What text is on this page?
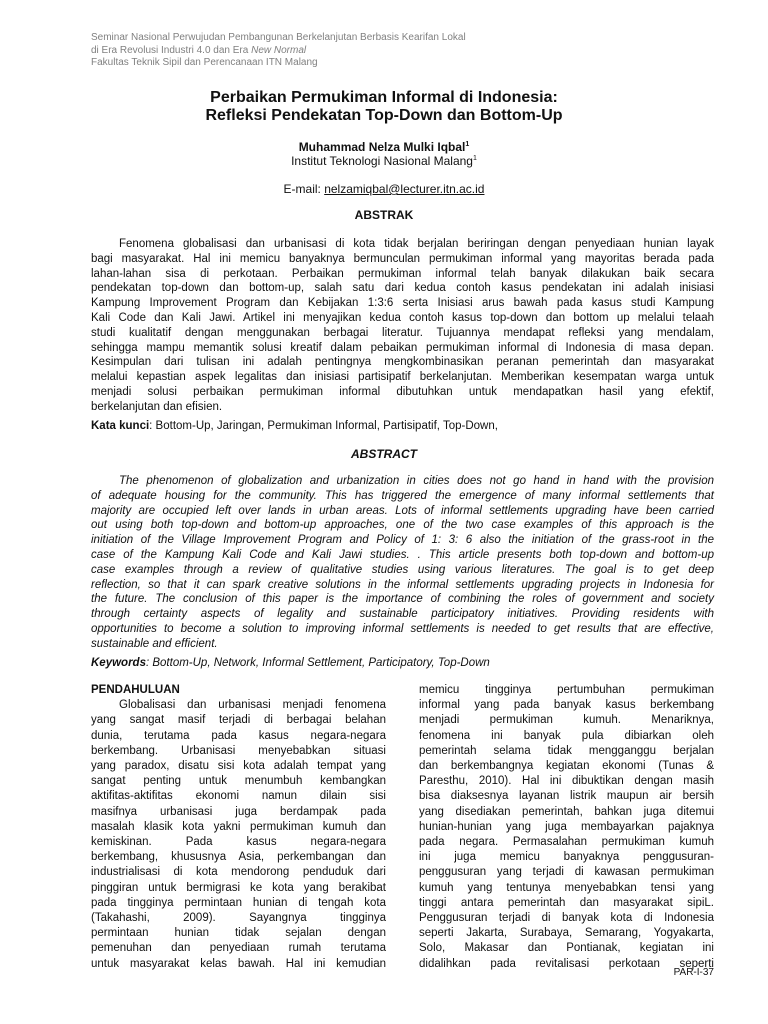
Seminar Nasional Perwujudan Pembangunan Berkelanjutan Berbasis Kearifan Lokal
di Era Revolusi Industri 4.0 dan Era New Normal
Fakultas Teknik Sipil dan Perencanaan ITN Malang
Perbaikan Permukiman Informal di Indonesia:
Refleksi Pendekatan Top-Down dan Bottom-Up
Muhammad Nelza Mulki Iqbal$^1$
Institut Teknologi Nasional Malang$^1$
E-mail: nelzamiqbal@lecturer.itn.ac.id
ABSTRAK
Fenomena globalisasi dan urbanisasi di kota tidak berjalan beriringan dengan penyediaan hunian layak
bagi masyarakat. Hal ini memicu banyaknya bermunculan permukiman informal yang mayoritas berada pada
lahan-lahan sisa di perkotaan. Perbaikan permukiman informal telah banyak dilakukan baik secara
pendekatan top-down dan bottom-up, salah satu dari kedua contoh kasus pendekatan ini adalah inisiasi
Kampung Improvement Program dan Kebijakan 1:3:6 serta Inisiasi arus bawah pada kasus studi Kampung
Kali Code dan Kali Jawi. Artikel ini menyajikan kedua contoh kasus top-down dan bottom up melalui telaah
studi kualitatif dengan menggunakan berbagai literatur. Tujuannya mendapat refleksi yang mendalam,
sehingga mampu memantik solusi kreatif dalam pebaikan permukiman informal di Indonesia di masa depan.
Kesimpulan dari tulisan ini adalah pentingnya mengkombinasikan peranan pemerintah dan masyarakat
melalui kepastian aspek legalitas dan inisiasi partisipatif berkelanjutan. Memberikan kesempatan warga untuk
menjadi solusi perbaikan permukiman informal dibutuhkan untuk mendapatkan hasil yang efektif,
berkelanjutan dan efisien.
Kata kunci: Bottom-Up, Jaringan, Permukiman Informal, Partisipatif, Top-Down,
ABSTRACT
The phenomenon of globalization and urbanization in cities does not go hand in hand with the provision
of adequate housing for the community. This has triggered the emergence of many informal settlements that
majority are occupied left over lands in urban areas. Lots of informal settlements upgrading have been carried
out using both top-down and bottom-up approaches, one of the two case examples of this approach is the
initiation of the Village Improvement Program and Policy of 1: 3: 6 also the initiation of the grass-root in the
case of the Kampung Kali Code and Kali Jawi studies. . This article presents both top-down and bottom-up
case examples through a review of qualitative studies using various literatures. The goal is to get deep
reflection, so that it can spark creative solutions in the informal settlements upgrading projects in Indonesia for
the future. The conclusion of this paper is the importance of combining the roles of government and society
through certainty aspects of legality and sustainable participatory initiatives. Providing residents with
opportunities to become a solution to improving informal settlements is needed to get results that are effective,
sustainable and efficient.
Keywords: Bottom-Up, Network, Informal Settlement, Participatory, Top-Down
PENDAHULUAN
Globalisasi dan urbanisasi menjadi fenomena
yang sangat masif terjadi di berbagai belahan
dunia, terutama pada kasus negara-negara
berkembang. Urbanisasi menyebabkan situasi
yang paradox, disatu sisi kota adalah tempat yang
sangat penting untuk menumbuh kembangkan
aktifitas-aktifitas ekonomi namun dilain sisi
masifnya urbanisasi juga berdampak pada
masalah klasik kota yakni permukiman kumuh dan
kemiskinan. Pada kasus negara-negara
berkembang, khususnya Asia, perkembangan dan
industrialisasi di kota mendorong penduduk dari
pinggiran untuk bermigrasi ke kota yang berakibat
pada tingginya permintaan hunian di tengah kota
(Takahashi, 2009). Sayangnya tingginya
permintaan hunian tidak sejalan dengan
pemenuhan dan penyediaan rumah terutama
untuk masyarakat kelas bawah. Hal ini kemudian
memicu tingginya pertumbuhan permukiman
informal yang pada banyak kasus berkembang
menjadi permukiman kumuh. Menariknya,
fenomena ini banyak pula dibiarkan oleh
pemerintah selama tidak mengganggu berjalan
dan berkembangnya kegiatan ekonomi (Tunas &
Paresthu, 2010). Hal ini dibuktikan dengan masih
bisa diaksesnya layanan listrik maupun air bersih
yang disediakan pemerintah, bahkan juga ditemui
hunian-hunian yang juga membayarkan pajaknya
pada negara. Permasalahan permukiman kumuh
ini juga memicu banyaknya penggusuran-
penggusuran yang terjadi di kawasan permukiman
kumuh yang tentunya menyebabkan tensi yang
tinggi antara pemerintah dan masyarakat sipiL.
Penggusuran terjadi di banyak kota di Indonesia
seperti Jakarta, Surabaya, Semarang, Yogyakarta,
Solo, Makasar dan Pontianak, kegiatan ini
didalihkan pada revitalisasi perkotaan seperti
PAR-I-37
